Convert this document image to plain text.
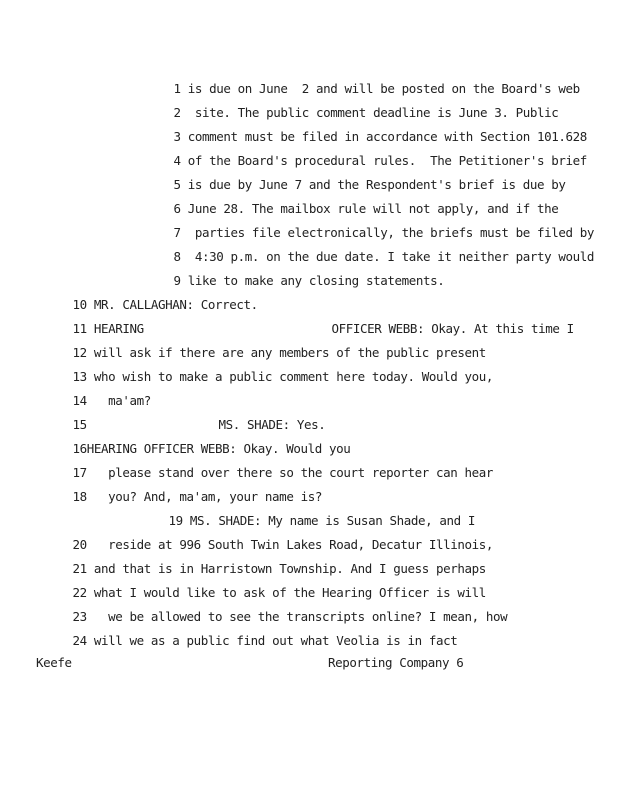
1 is due on June  2 and will be posted on the Board's web

2 site. The public comment deadline is June 3. Public

3 comment must be filed in accordance with Section 101.628

4 of the Board's procedural rules.  The Petitioner's brief

5 is due by June 7 and the Respondent's brief is due by

6 June 28. The mailbox rule will not apply, and if the

7 parties file electronically, the briefs must be filed by

8 4:30 p.m. on the due date. I take it neither party would

9 like to make any closing statements.

10 MR. CALLAGHAN: Correct.

11 HEARING
	OFFICER WEBB: Okay. At this time I

12 will ask if there are any members of the public present

13 who wish to make a public comment here today. Would you,

14 ma'am?

15
	MS. SHADE: Yes.

16HEARING OFFICER WEBB: Okay. Would you

17 please stand over there so the court reporter can hear

18 you? And, ma'am, your name is?

19 MS. SHADE: My name is Susan Shade, and I

20 reside at 996 South Twin Lakes Road, Decatur Illinois,

21 and that is in Harristown Township. And I guess perhaps

22 what I would like to ask of the Hearing Officer is will

23 we be allowed to see the transcripts online? I mean, how

24 will we as a public find out what Veolia is in fact

Keefe	Reporting Company 6
